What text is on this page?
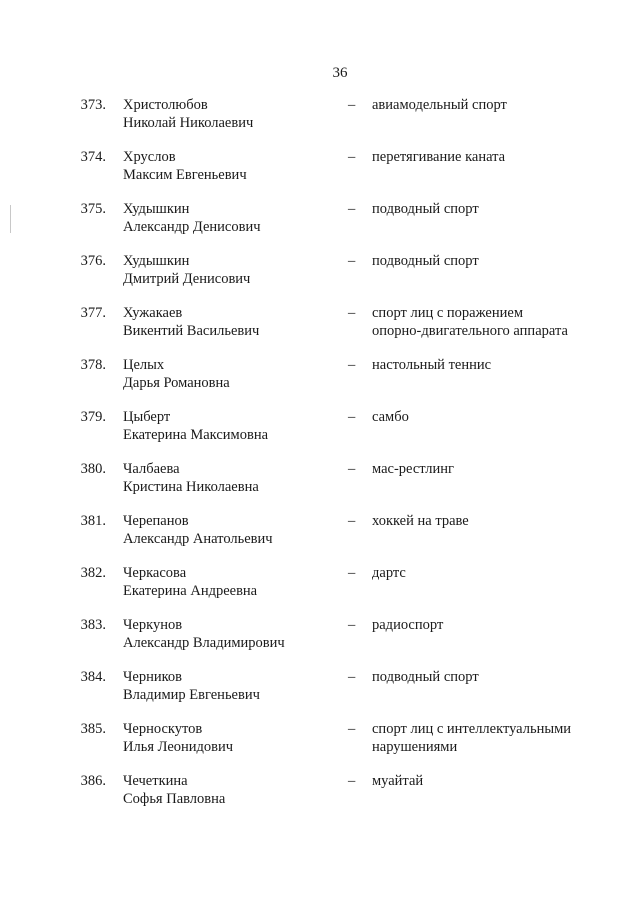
36
373. Христолюбов
Николай Николаевич
– авиамодельный спорт
374. Хруслов
Максим Евгеньевич
– перетягивание каната
375. Худышкин
Александр Денисович
– подводный спорт
376. Худышкин
Дмитрий Денисович
– подводный спорт
377. Хужакаев
Викентий Васильевич
– спорт лиц с поражением
опорно-двигательного аппарата
378. Целых
Дарья Романовна
– настольный теннис
379. Цыберт
Екатерина Максимовна
– самбо
380. Чалбаева
Кристина Николаевна
– мас-рестлинг
381. Черепанов
Александр Анатольевич
– хоккей на траве
382. Черкасова
Екатерина Андреевна
– дартс
383. Черкунов
Александр Владимирович
– радиоспорт
384. Черников
Владимир Евгеньевич
– подводный спорт
385. Черноскутов
Илья Леонидович
– спорт лиц с интеллектуальными
нарушениями
386. Чечеткина
Софья Павловна
– муайтай
